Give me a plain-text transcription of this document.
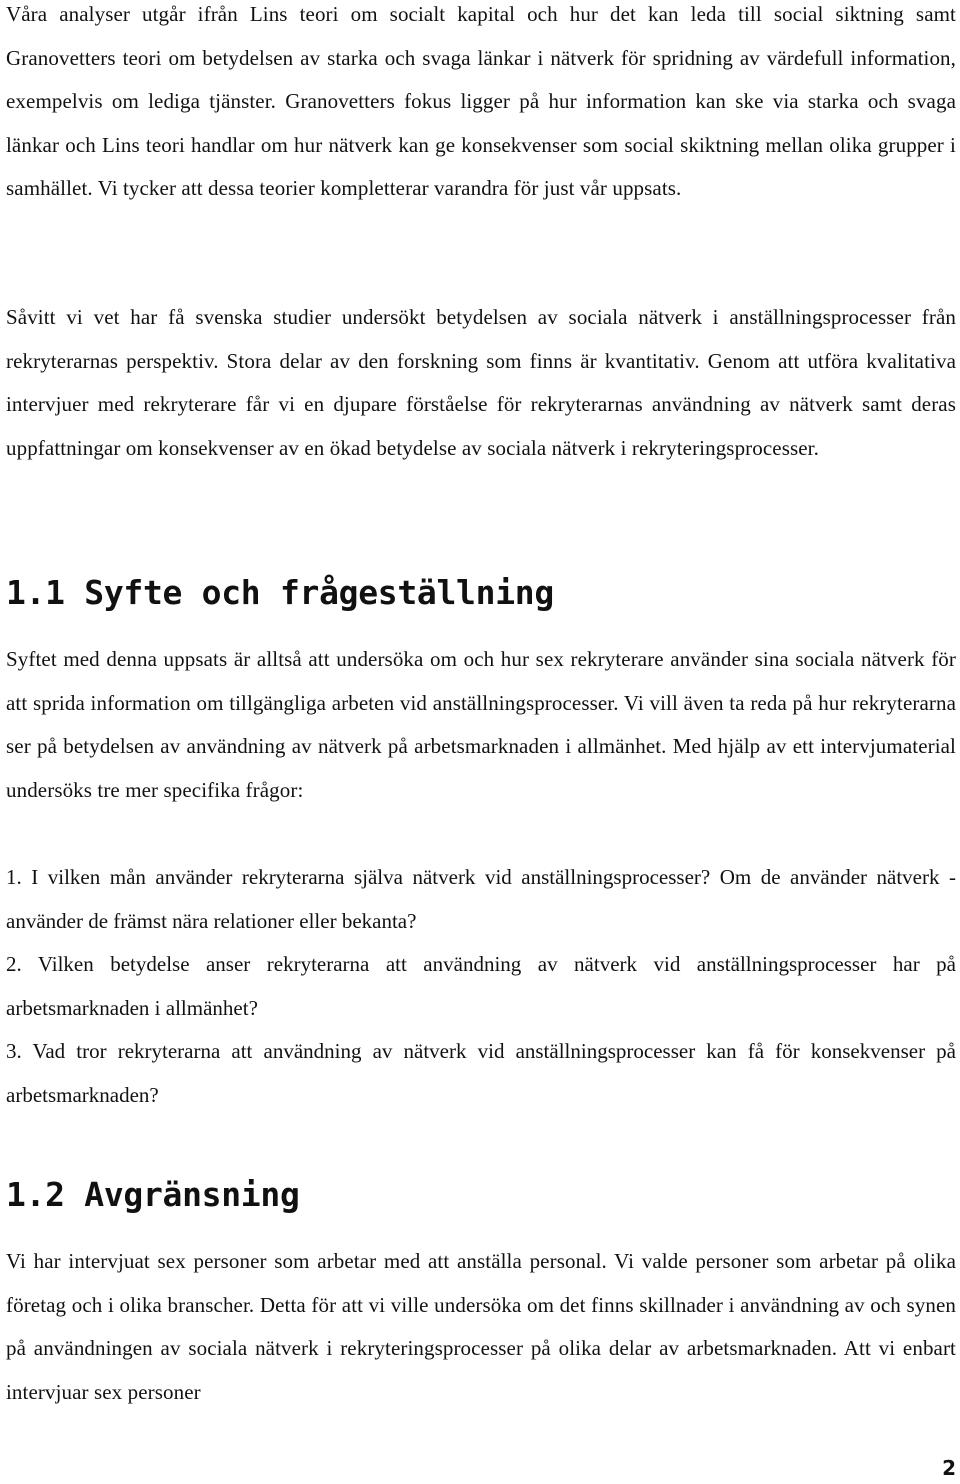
Våra analyser utgår ifrån Lins teori om socialt kapital och hur det kan leda till social siktning samt Granovetters teori om betydelsen av starka och svaga länkar i nätverk för spridning av värdefull information, exempelvis om lediga tjänster. Granovetters fokus ligger på hur information kan ske via starka och svaga länkar och Lins teori handlar om hur nätverk kan ge konsekvenser som social skiktning mellan olika grupper i samhället. Vi tycker att dessa teorier kompletterar varandra för just vår uppsats.

Såvitt vi vet har få svenska studier undersökt betydelsen av sociala nätverk i anställningsprocesser från rekryterarnas perspektiv. Stora delar av den forskning som finns är kvantitativ. Genom att utföra kvalitativa intervjuer med rekryterare får vi en djupare förståelse för rekryterarnas användning av nätverk samt deras uppfattningar om konsekvenser av en ökad betydelse av sociala nätverk i rekryteringsprocesser.

1.1 Syfte och frågeställning

Syftet med denna uppsats är alltså att undersöka om och hur sex rekryterare använder sina sociala nätverk för att sprida information om tillgängliga arbeten vid anställningsprocesser. Vi vill även ta reda på hur rekryterarna ser på betydelsen av användning av nätverk på arbetsmarknaden i allmänhet. Med hjälp av ett intervjumaterial undersöks tre mer specifika frågor:

1. I vilken mån använder rekryterarna själva nätverk vid anställningsprocesser? Om de använder nätverk - använder de främst nära relationer eller bekanta?

2. Vilken betydelse anser rekryterarna att användning av nätverk vid anställningsprocesser har på arbetsmarknaden i allmänhet?

3. Vad tror rekryterarna att användning av nätverk vid anställningsprocesser kan få för konsekvenser på arbetsmarknaden?

1.2 Avgränsning

Vi har intervjuat sex personer som arbetar med att anställa personal. Vi valde personer som arbetar på olika företag och i olika branscher. Detta för att vi ville undersöka om det finns skillnader i användning av och synen på användningen av sociala nätverk i rekryteringsprocesser på olika delar av arbetsmarknaden. Att vi enbart intervjuar sex personer

2
